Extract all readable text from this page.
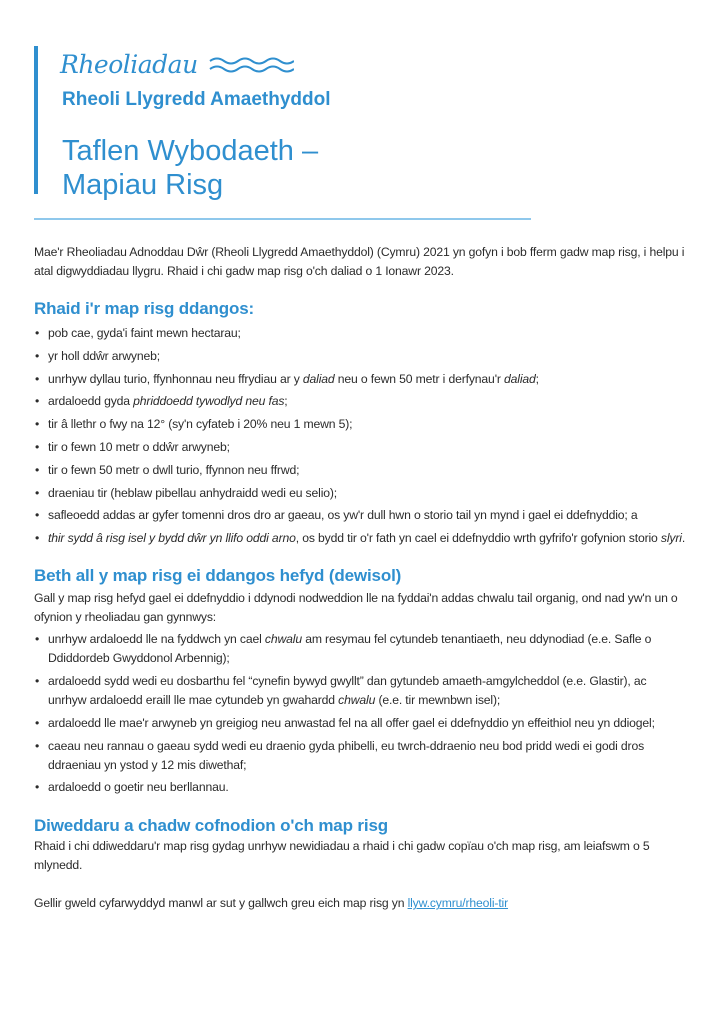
Rheoliadau
Rheoli Llygredd Amaethyddol
Taflen Wybodaeth –
Mapiau Risg

Mae'r Rheoliadau Adnoddau Dŵr (Rheoli Llygredd Amaethyddol) (Cymru) 2021 yn gofyn i bob fferm gadw map risg, i helpu i atal digwyddiadau llygru. Rhaid i chi gadw map risg o'ch daliad o 1 Ionawr 2023.

Rhaid i'r map risg ddangos:
• pob cae, gyda'i faint mewn hectarau;
• yr holl ddŵr arwyneb;
• unrhyw dyllau turio, ffynhonnau neu ffrydiau ar y daliad neu o fewn 50 metr i derfynau'r daliad;
• ardaloedd gyda phriddoedd tywodlyd neu fas;
• tir â llethr o fwy na 12° (sy'n cyfateb i 20% neu 1 mewn 5);
• tir o fewn 10 metr o ddŵr arwyneb;
• tir o fewn 50 metr o dwll turio, ffynnon neu ffrwd;
• draeniau tir (heblaw pibellau anhydraidd wedi eu selio);
• safleoedd addas ar gyfer tomenni dros dro ar gaeau, os yw'r dull hwn o storio tail yn mynd i gael ei ddefnyddio; a
• thir sydd â risg isel y bydd dŵr yn llifo oddi arno, os bydd tir o'r fath yn cael ei ddefnyddio wrth gyfrifo'r gofynion storio slyri.
Beth all y map risg ei ddangos hefyd (dewisol)

Gall y map risg hefyd gael ei ddefnyddio i ddynodi nodweddion lle na fyddai'n addas chwalu tail organig, ond nad yw'n un o ofynion y rheoliadau gan gynnwys:

• unrhyw ardaloedd lle na fyddwch yn cael chwalu am resymau fel cytundeb tenantiaeth, neu ddynodiad (e.e. Safle o Ddiddordeb Gwyddonol Arbennig);
• ardaloedd sydd wedi eu dosbarthu fel “cynefin bywyd gwyllt” dan gytundeb amaeth-amgylcheddol (e.e. Glastir), ac unrhyw ardaloedd eraill lle mae cytundeb yn gwahardd chwalu (e.e. tir mewnbwn isel);
• ardaloedd lle mae'r arwyneb yn greigiog neu anwastad fel na all offer gael ei ddefnyddio yn effeithiol neu yn ddiogel;
• caeau neu rannau o gaeau sydd wedi eu draenio gyda phibelli, eu twrch-ddraenio neu bod pridd wedi ei godi dros ddraeniau yn ystod y 12 mis diwethaf;
• ardaloedd o goetir neu berllannau.
Diweddaru a chadw cofnodion o'ch map risg

Rhaid i chi ddiweddaru'r map risg gydag unrhyw newidiadau a rhaid i chi gadw copïau o'ch map risg, am leiafswm o 5 mlynedd.

Gellir gweld cyfarwyddyd manwl ar sut y gallwch greu eich map risg yn llyw.cymru/rheoli-tir
